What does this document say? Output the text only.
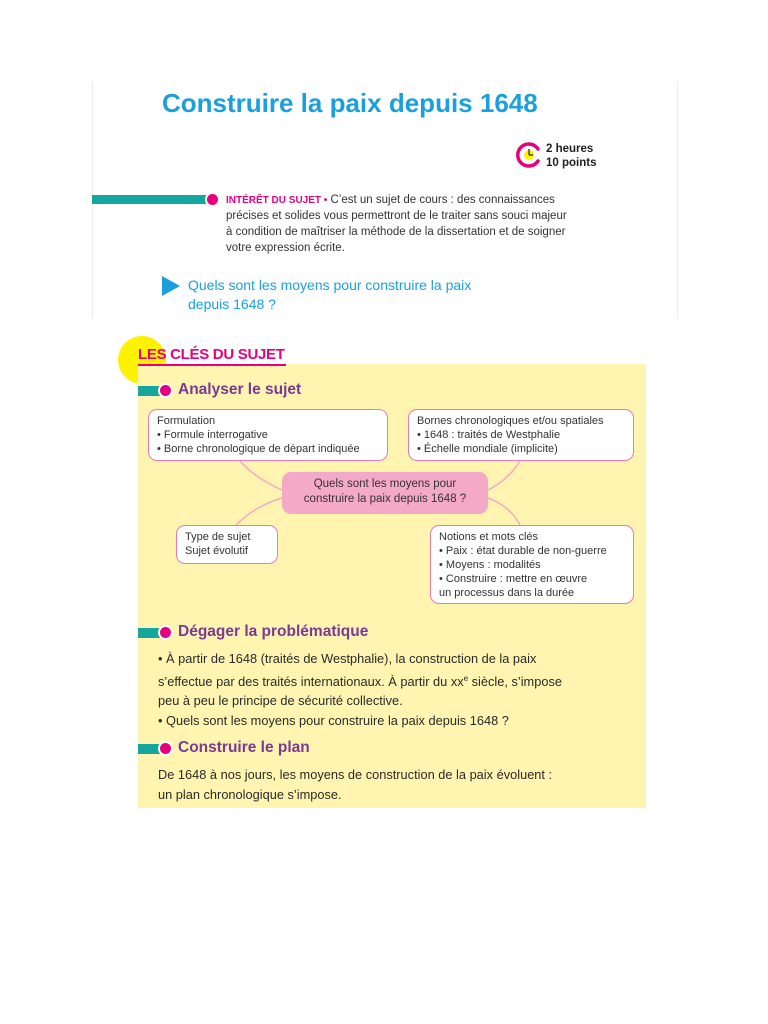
Construire la paix depuis 1648
2 heures
10 points

INTÉRÊT DU SUJET • C’est un sujet de cours : des connaissances

précises et solides vous permettront de le traiter sans souci majeur
à condition de maîtriser la méthode de la dissertation et de soigner
votre expression écrite.

Quels sont les moyens pour construire la paix
depuis 1648 ?

LES CLÉS DU SUJET
Analyser le sujet
Formulation
• Formule interrogative
• Borne chronologique de départ indiquée
Bornes chronologiques et/ou spatiales
• 1648 : traités de Westphalie
• Échelle mondiale (implicite)
Quels sont les moyens pour
construire la paix depuis 1648 ?
Type de sujet
Sujet évolutif
Notions et mots clés
• Paix : état durable de non-guerre
• Moyens : modalités
• Construire : mettre en œuvre
un processus dans la durée
Dégager la problématique
• À partir de 1648 (traités de Westphalie), la construction de la paix
s’effectue par des traités internationaux. À partir du $xx^e$ siècle, s’impose
peu à peu le principe de sécurité collective.
• Quels sont les moyens pour construire la paix depuis 1648 ?
Construire le plan
De 1648 à nos jours, les moyens de construction de la paix évoluent :
un plan chronologique s’impose.
